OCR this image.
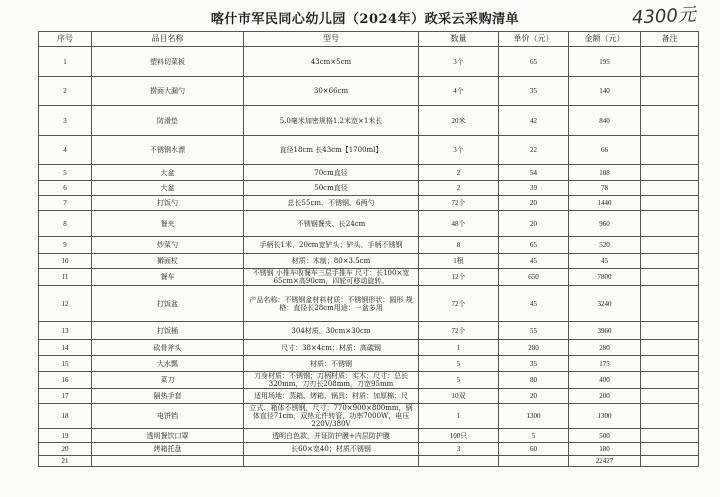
喀什市军民同心幼儿园（2024年）政采云采购清单	4300元
序号	品目名称	型号	数量	单价（元）	金额（元）	备注
1	塑料切菜板	43cm×5cm	3个	65	195	
2	捞面大漏勺	30×66cm	4个	35	140	
3	防滑垫	5.0毫米加密规格1.2米宽×1米长	20米	42	840	
4	不锈钢水漂	直径18cm 长43cm【1700ml】	3个	22	66	
5	大盆	70cm直径	2	54	108	
6	大盆	50cm直径	2	39	78	
7	打饭勺	总长55cm、不锈钢、6两勺	72个	20	1440	
8	餐夹	不锈钢餐夹、长24cm	48个	20	960	
9	炒菜勺	手柄长1米、20cm宽铲头；铲头、手柄不锈钢	8	65	520	
10	擀面杖	材质：木制；80×3.5cm	1根	45	45	
11	餐车	不锈钢 小推车收餐车三层手推车 尺寸：长100×宽65cm×高90cm，四轮可移动旋转。	12个	650	7800	
12	打饭盆	产品名称：不锈钢盆材料材质：不锈钢形状：圆形 规格：直径长28cm用途：一盆多用	72个	45	3240	
13	打饭桶	304材质，30cm×30cm	72个	55	3960	
14	砍骨斧头	尺寸：38×4cm；材质：高碳钢	1	280	280	
15	大水瓢	材质：不锈钢	5	35	175	
16	菜刀	刀身材质：不锈钢；刀柄材质：实木；尺寸：总长320mm，刀刃长208mm，刀宽95mm	5	80	400	
17	隔热手套	适用场地：蒸箱、烤箱、锅具；材质：加厚棉；尺	10双	20	200	
18	电饼铛	立式、箱体不锈钢，尺寸：770×900×800mm，锅体直径71cm，双热元件转管，功率7000W，电压220V/380V	1	1300	1300	
19	透明餐饮口罩	透明白色款，并证防护膜+内层防护膜	100只	5	500	
20	烤箱托盘	长60×宽40；材质不锈钢	3	60	180	
21					22427	
